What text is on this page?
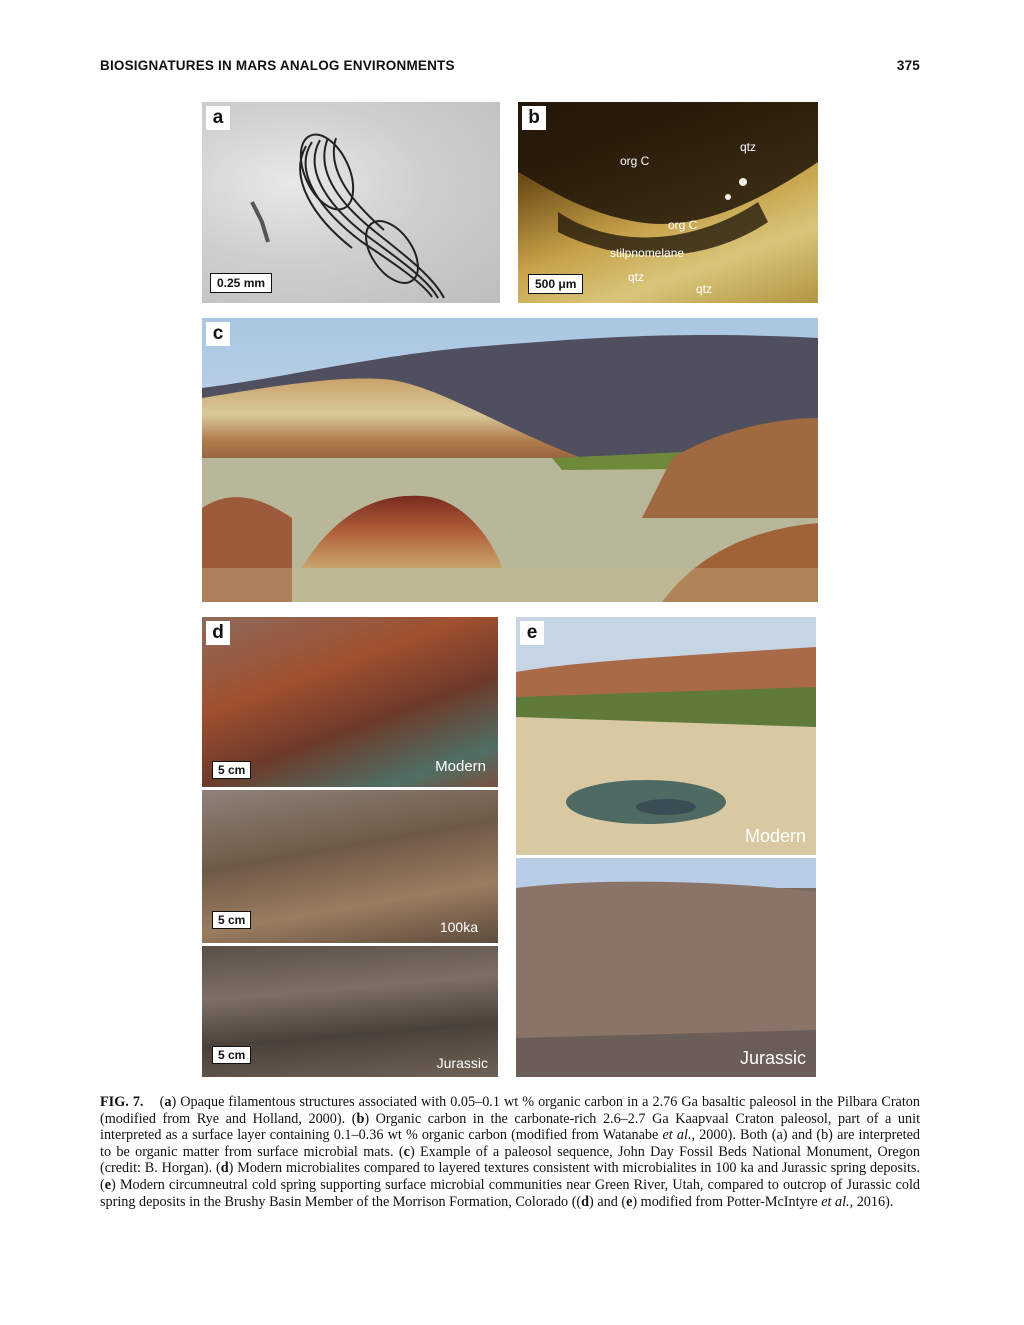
BIOSIGNATURES IN MARS ANALOG ENVIRONMENTS	375
a
0.25 mm
b
org C
qtz
org C
stilpnomelane
qtz
qtz
500 μm
c
d
5 cm	Modern
5 cm	100ka
5 cm	Jurassic
e
Modern
Jurassic
FIG. 7.    (a) Opaque filamentous structures associated with 0.05–0.1 wt % organic carbon in a 2.76 Ga basaltic paleosol in the Pilbara Craton (modified from Rye and Holland, 2000). (b) Organic carbon in the carbonate-rich 2.6–2.7 Ga Kaapvaal Craton paleosol, part of a unit interpreted as a surface layer containing 0.1–0.36 wt % organic carbon (modified from Watanabe et al., 2000). Both (a) and (b) are interpreted to be organic matter from surface microbial mats. (c) Example of a paleosol sequence, John Day Fossil Beds National Monument, Oregon (credit: B. Horgan). (d) Modern microbialites compared to layered textures consistent with microbialites in 100 ka and Jurassic spring deposits. (e) Modern circumneutral cold spring supporting surface microbial communities near Green River, Utah, compared to outcrop of Jurassic cold spring deposits in the Brushy Basin Member of the Morrison Formation, Colorado ((d) and (e) modified from Potter-McIntyre et al., 2016).
